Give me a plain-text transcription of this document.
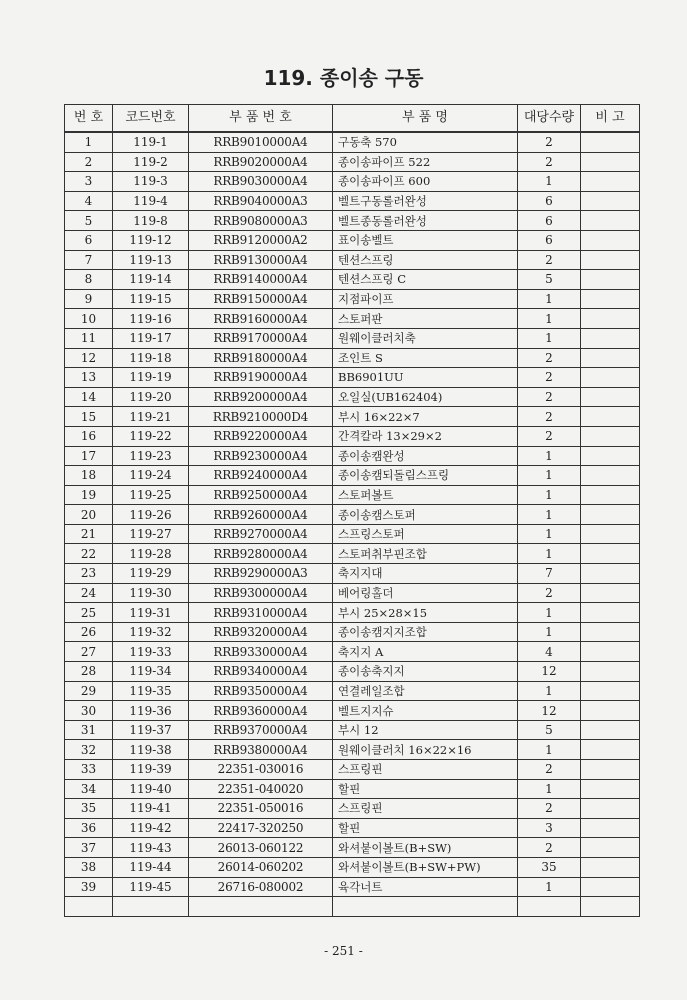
119. 종이송 구동
번 호	코드번호	부 품 번 호	부 품 명	대당수량	비 고
1	119-1	RRB9010000A4	구동축 570	2	
2	119-2	RRB9020000A4	종이송파이프 522	2	
3	119-3	RRB9030000A4	종이송파이프 600	1	
4	119-4	RRB9040000A3	벨트구동롤러완성	6	
5	119-8	RRB9080000A3	벨트종동롤러완성	6	
6	119-12	RRB9120000A2	표이송벨트	6	
7	119-13	RRB9130000A4	텐션스프링	2	
8	119-14	RRB9140000A4	텐션스프링 C	5	
9	119-15	RRB9150000A4	지점파이프	1	
10	119-16	RRB9160000A4	스토퍼판	1	
11	119-17	RRB9170000A4	원웨이클러치축	1	
12	119-18	RRB9180000A4	조인트 S	2	
13	119-19	RRB9190000A4	BB6901UU	2	
14	119-20	RRB9200000A4	오일실(UB162404)	2	
15	119-21	RRB9210000D4	부시 16×22×7	2	
16	119-22	RRB9220000A4	간격칼라 13×29×2	2	
17	119-23	RRB9230000A4	종이송캠완성	1	
18	119-24	RRB9240000A4	종이송캠되돌림스프링	1	
19	119-25	RRB9250000A4	스토퍼볼트	1	
20	119-26	RRB9260000A4	종이송캠스토퍼	1	
21	119-27	RRB9270000A4	스프링스토퍼	1	
22	119-28	RRB9280000A4	스토퍼취부핀조합	1	
23	119-29	RRB9290000A3	축지지대	7	
24	119-30	RRB9300000A4	베어링홀더	2	
25	119-31	RRB9310000A4	부시 25×28×15	1	
26	119-32	RRB9320000A4	종이송캠지지조합	1	
27	119-33	RRB9330000A4	축지지 A	4	
28	119-34	RRB9340000A4	종이송축지지	12	
29	119-35	RRB9350000A4	연결레일조합	1	
30	119-36	RRB9360000A4	벨트지지슈	12	
31	119-37	RRB9370000A4	부시 12	5	
32	119-38	RRB9380000A4	원웨이클러치 16×22×16	1	
33	119-39	22351-030016	스프링핀	2	
34	119-40	22351-040020	할핀	1	
35	119-41	22351-050016	스프링핀	2	
36	119-42	22417-320250	할핀	3	
37	119-43	26013-060122	와셔붙이볼트(B+SW)	2	
38	119-44	26014-060202	와셔붙이볼트(B+SW+PW)	35	
39	119-45	26716-080002	육각너트	1	

- 251 -
